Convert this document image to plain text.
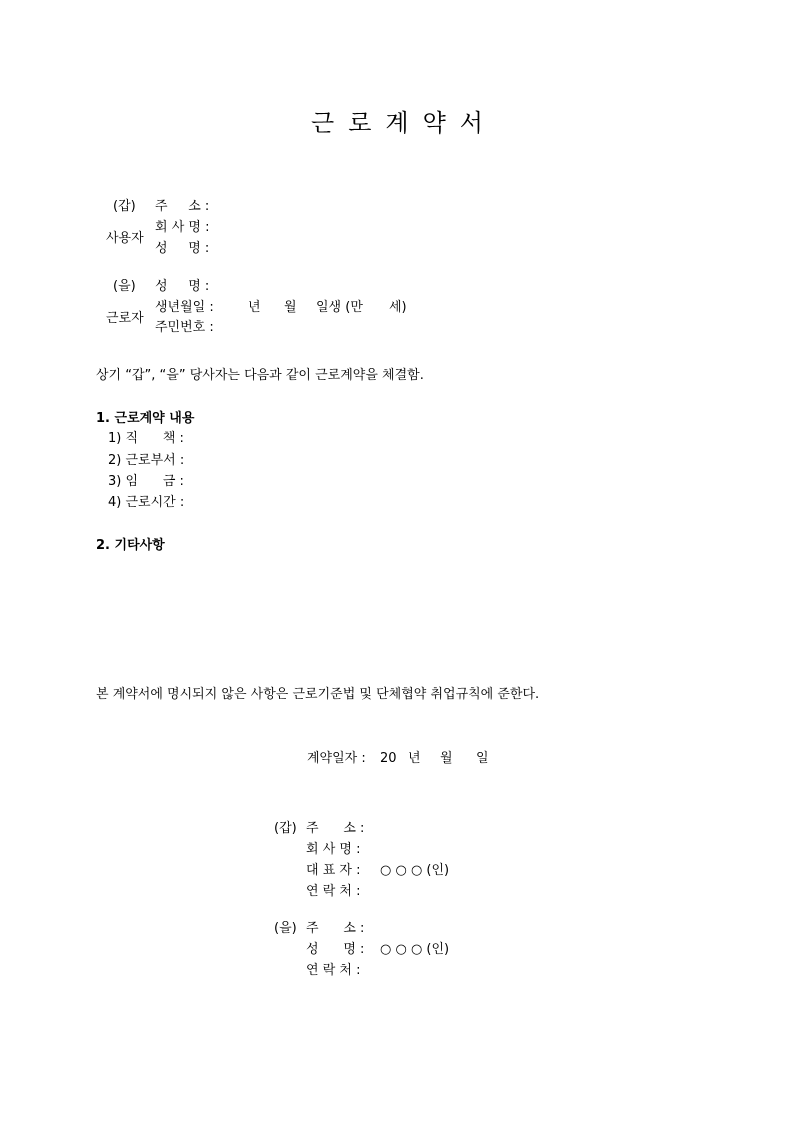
근로계약서
(갑)
사용자
주     소 :
회 사 명 :
성     명 :
(을)
근로자
성     명 :
생년월일 :	년 월 일생 (만 세)
주민번호 :
상기 “갑”, “을” 당사자는 다음과 같이 근로계약을 체결함.
1. 근로계약 내용
1) 직      책 :
2) 근로부서 :
3) 임      금 :
4) 근로시간 :
2. 기타사항
본 계약서에 명시되지 않은 사항은 근로기준법 및 단체협약 취업규칙에 준한다.
계약일자 : 20 년 월 일
(갑) 주      소 :
회 사 명 :
대 표 자 : ○ ○ ○ (인)
연 락 처 :
(을) 주      소 :
성      명 : ○ ○ ○ (인)
연 락 처 :
